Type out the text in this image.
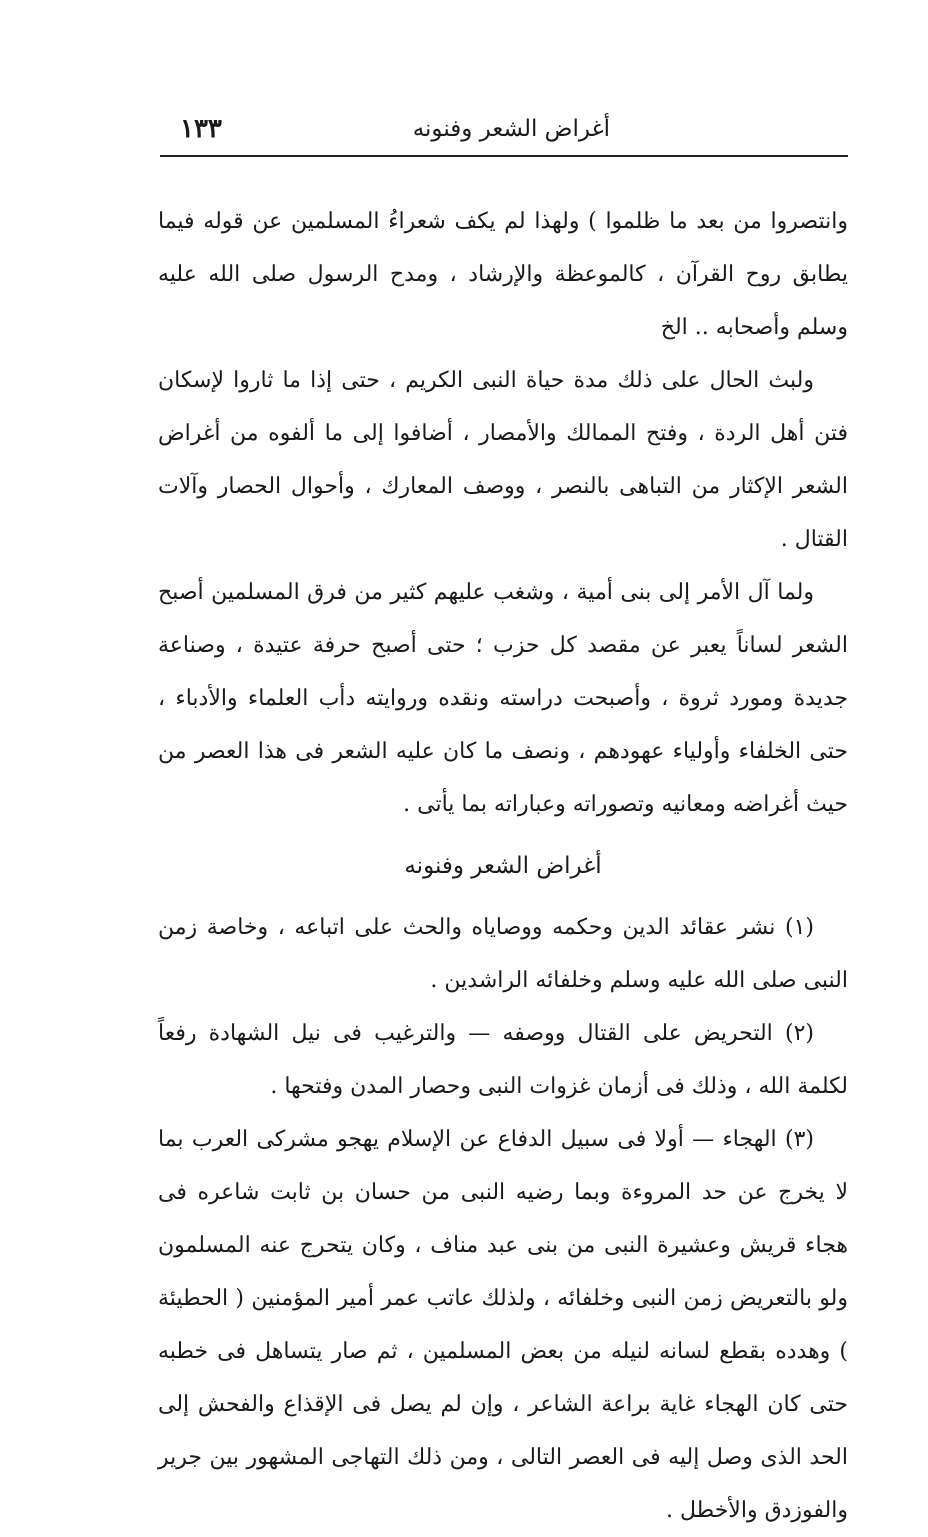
أغراض الشعر وفنونه
١٣٣

وانتصروا من بعد ما ظلموا ) ولهذا لم يكف شعراءُ المسلمين عن قوله فيما يطابق روح القرآن ، كالموعظة والإرشاد ، ومدح الرسول صلى الله عليه وسلم وأصحابه .. الخ

ولبث الحال على ذلك مدة حياة النبى الكريم ، حتى إذا ما ثاروا لإسكان فتن أهل الردة ، وفتح الممالك والأمصار ، أضافوا إلى ما ألفوه من أغراض الشعر الإكثار من التباهى بالنصر ، ووصف المعارك ، وأحوال الحصار وآلات القتال .

ولما آل الأمر إلى بنى أمية ، وشغب عليهم كثير من فرق المسلمين أصبح الشعر لساناً يعبر عن مقصد كل حزب ؛ حتى أصبح حرفة عتيدة ، وصناعة جديدة ومورد ثروة ، وأصبحت دراسته ونقده وروايته دأب العلماء والأدباء ، حتى الخلفاء وأولياء عهودهم ، ونصف ما كان عليه الشعر فى هذا العصر من حيث أغراضه ومعانيه وتصوراته وعباراته بما يأتى .

أغراض الشعر وفنونه

(١) نشر عقائد الدين وحكمه ووصاياه والحث على اتباعه ، وخاصة زمن النبى صلى الله عليه وسلم وخلفائه الراشدين .

(٢) التحريض على القتال ووصفه — والترغيب فى نيل الشهادة رفعاً لكلمة الله ، وذلك فى أزمان غزوات النبى وحصار المدن وفتحها .

(٣) الهجاء — أولا فى سبيل الدفاع عن الإسلام يهجو مشركى العرب بما لا يخرج عن حد المروءة وبما رضيه النبى من حسان بن ثابت شاعره فى هجاء قريش وعشيرة النبى من بنى عبد مناف ، وكان يتحرج عنه المسلمون ولو بالتعريض زمن النبى وخلفائه ، ولذلك عاتب عمر أمير المؤمنين ( الحطيئة ) وهدده بقطع لسانه لنيله من بعض المسلمين ، ثم صار يتساهل فى خطبه حتى كان الهجاء غاية براعة الشاعر ، وإن لم يصل فى الإقذاع والفحش إلى الحد الذى وصل إليه فى العصر التالى ، ومن ذلك التهاجى المشهور بين جرير والفوزدق والأخطل .
